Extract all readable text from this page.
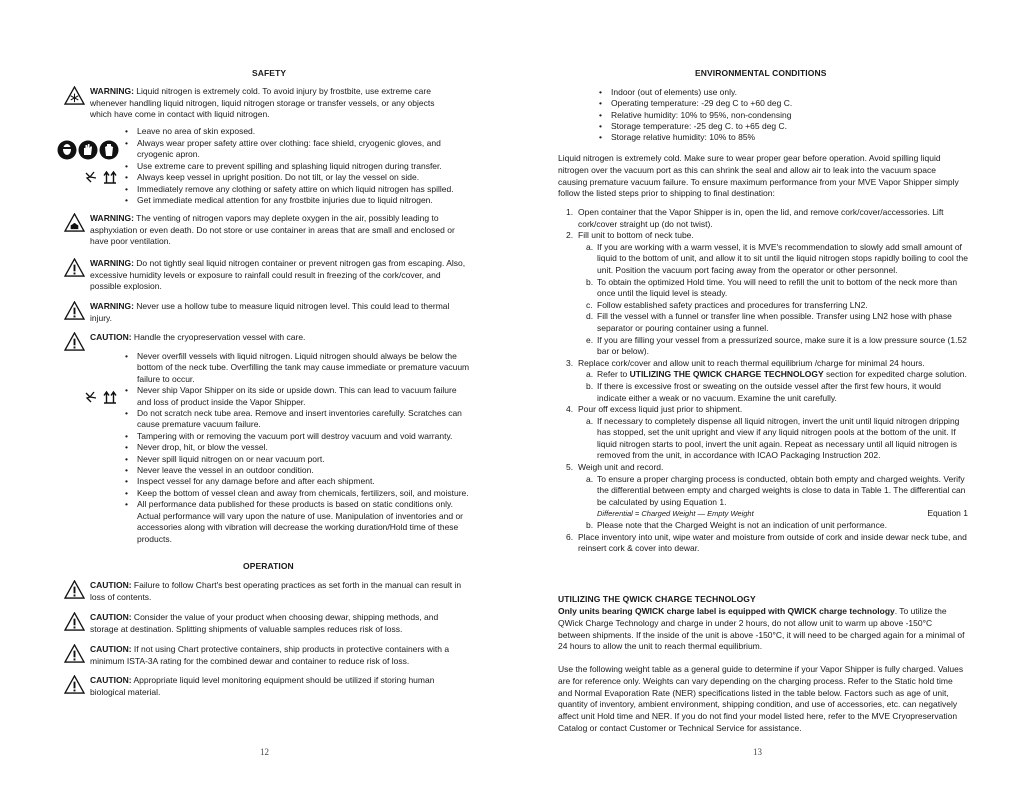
SAFETY
WARNING: Liquid nitrogen is extremely cold. To avoid injury by frostbite, use extreme care whenever handling liquid nitrogen, liquid nitrogen storage or transfer vessels, or any objects which have come in contact with liquid nitrogen.
• Leave no area of skin exposed.
• Always wear proper safety attire over clothing: face shield, cryogenic gloves, and cryogenic apron.
• Use extreme care to prevent spilling and splashing liquid nitrogen during transfer.
• Always keep vessel in upright position. Do not tilt, or lay the vessel on side.
• Immediately remove any clothing or safety attire on which liquid nitrogen has spilled.
• Get immediate medical attention for any frostbite injuries due to liquid nitrogen.
WARNING: The venting of nitrogen vapors may deplete oxygen in the air, possibly leading to asphyxiation or even death. Do not store or use container in areas that are small and enclosed or have poor ventilation.
WARNING: Do not tightly seal liquid nitrogen container or prevent nitrogen gas from escaping. Also, excessive humidity levels or exposure to rainfall could result in freezing of the cork/cover, and possible explosion.
WARNING: Never use a hollow tube to measure liquid nitrogen level. This could lead to thermal injury.
CAUTION: Handle the cryopreservation vessel with care.
• Never overfill vessels with liquid nitrogen. Liquid nitrogen should always be below the bottom of the neck tube. Overfilling the tank may cause immediate or premature vacuum failure to occur.
• Never ship Vapor Shipper on its side or upside down. This can lead to vacuum failure and loss of product inside the Vapor Shipper.
• Do not scratch neck tube area. Remove and insert inventories carefully. Scratches can cause premature vacuum failure.
• Tampering with or removing the vacuum port will destroy vacuum and void warranty.
• Never drop, hit, or blow the vessel.
• Never spill liquid nitrogen on or near vacuum port.
• Never leave the vessel in an outdoor condition.
• Inspect vessel for any damage before and after each shipment.
• Keep the bottom of vessel clean and away from chemicals, fertilizers, soil, and moisture.
• All performance data published for these products is based on static conditions only. Actual performance will vary upon the nature of use. Manipulation of inventories and or accessories along with vibration will decrease the working duration/Hold time of these products.
OPERATION
CAUTION: Failure to follow Chart's best operating practices as set forth in the manual can result in loss of contents.
CAUTION: Consider the value of your product when choosing dewar, shipping methods, and storage at destination. Splitting shipments of valuable samples reduces risk of loss.
CAUTION: If not using Chart protective containers, ship products in protective containers with a minimum ISTA-3A rating for the combined dewar and container to reduce risk of loss.
CAUTION: Appropriate liquid level monitoring equipment should be utilized if storing human biological material.
12
ENVIRONMENTAL CONDITIONS
• Indoor (out of elements) use only.
• Operating temperature: -29 deg C to +60 deg C.
• Relative humidity: 10% to 95%, non-condensing
• Storage temperature: -25 deg C. to +65 deg C.
• Storage relative humidity: 10% to 85%
Liquid nitrogen is extremely cold. Make sure to wear proper gear before operation. Avoid spilling liquid nitrogen over the vacuum port as this can shrink the seal and allow air to leak into the vacuum space causing premature vacuum failure. To ensure maximum performance from your MVE Vapor Shipper simply follow the listed steps prior to shipping to final destination:
1. Open container that the Vapor Shipper is in, open the lid, and remove cork/cover/accessories. Lift cork/cover straight up (do not twist).
2. Fill unit to bottom of neck tube.
a. If you are working with a warm vessel, it is MVE's recommendation to slowly add small amount of liquid to the bottom of unit, and allow it to sit until the liquid nitrogen stops rapidly boiling to cool the unit. Position the vacuum port facing away from the operator or other personnel.
b. To obtain the optimized Hold time. You will need to refill the unit to bottom of the neck more than once until the liquid level is steady.
c. Follow established safety practices and procedures for transferring LN2.
d. Fill the vessel with a funnel or transfer line when possible. Transfer using LN2 hose with phase separator or pouring container using a funnel.
e. If you are filling your vessel from a pressurized source, make sure it is a low pressure source (1.52 bar or below).
3. Replace cork/cover and allow unit to reach thermal equilibrium /charge for minimal 24 hours.
a. Refer to UTILIZING THE QWICK CHARGE TECHNOLOGY section for expedited charge solution.
b. If there is excessive frost or sweating on the outside vessel after the first few hours, it would indicate either a weak or no vacuum. Examine the unit carefully.
4. Pour off excess liquid just prior to shipment.
a. If necessary to completely dispense all liquid nitrogen, invert the unit until liquid nitrogen dripping has stopped, set the unit upright and view if any liquid nitrogen pools at the bottom of the unit. If liquid nitrogen starts to pool, invert the unit again. Repeat as necessary until all liquid nitrogen is removed from the unit, in accordance with ICAO Packaging Instruction 202.
5. Weigh unit and record.
a. To ensure a proper charging process is conducted, obtain both empty and charged weights. Verify the differential between empty and charged weights is close to data in Table 1. The differential can be calculated by using Equation 1.
Differential = Charged Weight — Empty Weight	Equation 1
b. Please note that the Charged Weight is not an indication of unit performance.
6. Place inventory into unit, wipe water and moisture from outside of cork and inside dewar neck tube, and reinsert cork & cover into dewar.
UTILIZING THE QWICK CHARGE TECHNOLOGY
Only units bearing QWICK charge label is equipped with QWICK charge technology. To utilize the QWick Charge Technology and charge in under 2 hours, do not allow unit to warm up above -150°C between shipments. If the inside of the unit is above -150°C, it will need to be charged again for a minimal of 24 hours to allow the unit to reach thermal equilibrium.
Use the following weight table as a general guide to determine if your Vapor Shipper is fully charged. Values are for reference only. Weights can vary depending on the charging process. Refer to the Static hold time and Normal Evaporation Rate (NER) specifications listed in the table below. Factors such as age of unit, quantity of inventory, ambient environment, shipping condition, and use of accessories, etc. can negatively affect unit Hold time and NER. If you do not find your model listed here, refer to the MVE Cryopreservation Catalog or contact Customer or Technical Service for assistance.
13
